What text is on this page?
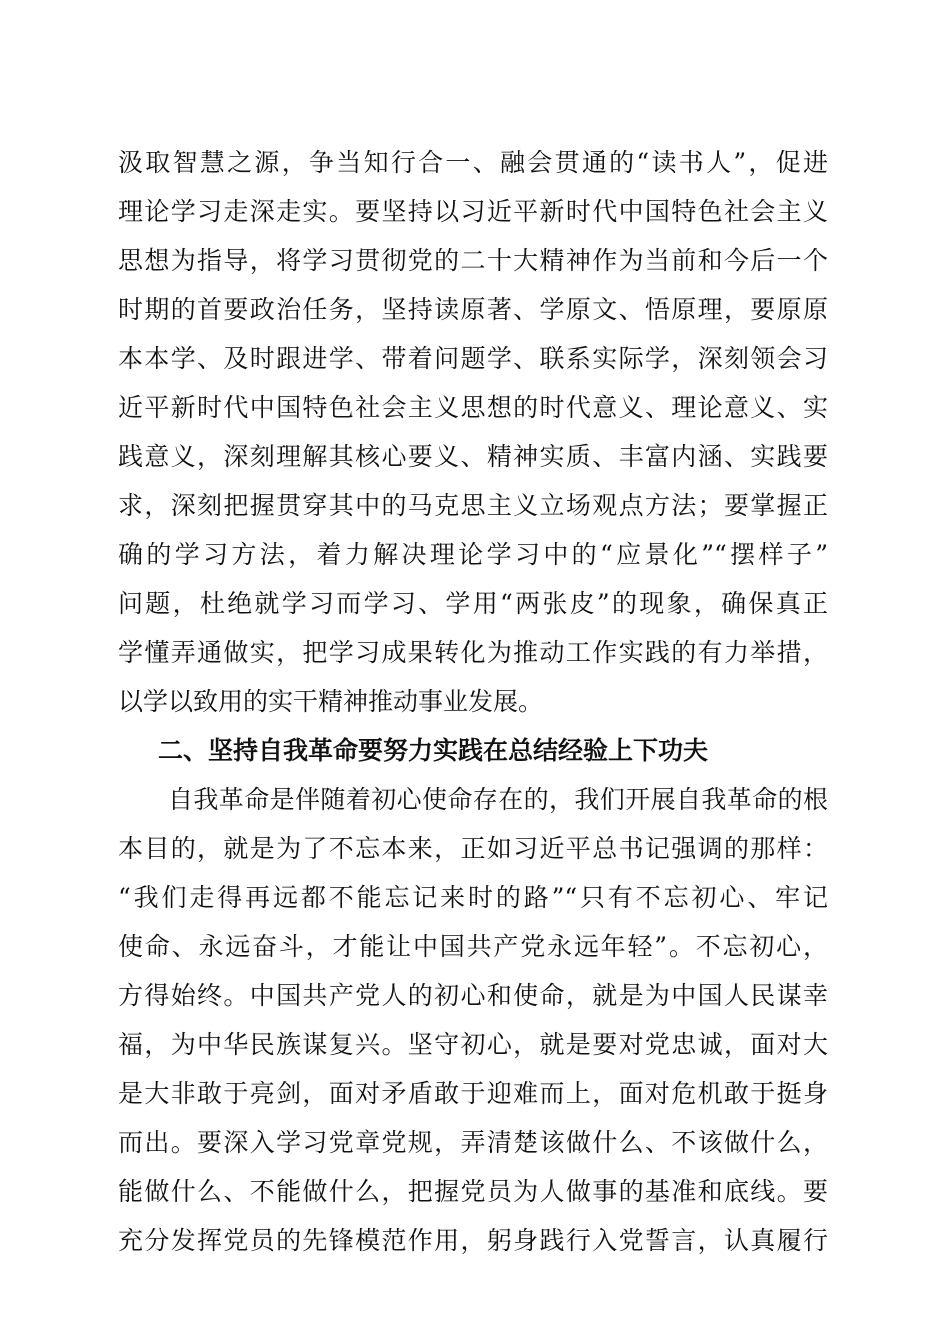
汲取智慧之源，争当知行合一、融会贯通的“读书人”，促进
理论学习走深走实。要坚持以习近平新时代中国特色社会主义
思想为指导，将学习贯彻党的二十大精神作为当前和今后一个
时期的首要政治任务，坚持读原著、学原文、悟原理，要原原
本本学、及时跟进学、带着问题学、联系实际学，深刻领会习
近平新时代中国特色社会主义思想的时代意义、理论意义、实
践意义，深刻理解其核心要义、精神实质、丰富内涵、实践要
求，深刻把握贯穿其中的马克思主义立场观点方法；要掌握正
确的学习方法，着力解决理论学习中的“应景化”“摆样子”
问题，杜绝就学习而学习、学用“两张皮”的现象，确保真正
学懂弄通做实，把学习成果转化为推动工作实践的有力举措，
以学以致用的实干精神推动事业发展。
二、坚持自我革命要努力实践在总结经验上下功夫
自我革命是伴随着初心使命存在的，我们开展自我革命的根
本目的，就是为了不忘本来，正如习近平总书记强调的那样：
“我们走得再远都不能忘记来时的路”“只有不忘初心、牢记
使命、永远奋斗，才能让中国共产党永远年轻”。不忘初心，
方得始终。中国共产党人的初心和使命，就是为中国人民谋幸
福，为中华民族谋复兴。坚守初心，就是要对党忠诚，面对大
是大非敢于亮剑，面对矛盾敢于迎难而上，面对危机敢于挺身
而出。要深入学习党章党规，弄清楚该做什么、不该做什么，
能做什么、不能做什么，把握党员为人做事的基准和底线。要
充分发挥党员的先锋模范作用，躬身践行入党誓言，认真履行
